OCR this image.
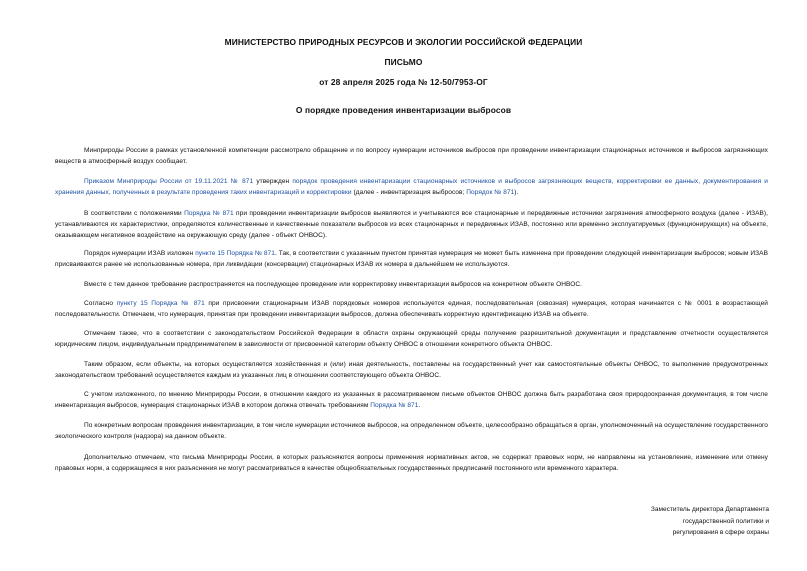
МИНИСТЕРСТВО ПРИРОДНЫХ РЕСУРСОВ И ЭКОЛОГИИ РОССИЙСКОЙ ФЕДЕРАЦИИ
ПИСЬМО
от 28 апреля 2025 года № 12-50/7953-ОГ
О порядке проведения инвентаризации выбросов

Минприроды России в рамках установленной компетенции рассмотрело обращение и по вопросу нумерации источников выбросов при проведении инвентаризации стационарных источников и выбросов загрязняющих веществ в атмосферный воздух сообщает.

Приказом Минприроды России от 19.11.2021 № 871 утвержден порядок проведения инвентаризации стационарных источников и выбросов загрязняющих веществ, корректировки ее данных, документирования и хранения данных, полученных в результате проведения таких инвентаризаций и корректировки (далее - инвентаризация выбросов; Порядок № 871).

В соответствии с положениями Порядка № 871 при проведении инвентаризации выбросов выявляются и учитываются все стационарные и передвижные источники загрязнения атмосферного воздуха (далее - ИЗАВ), устанавливаются их характеристики, определяются количественные и качественные показатели выбросов из всех стационарных и передвижных ИЗАВ, постоянно или временно эксплуатируемых (функционирующих) на объекте, оказывающем негативное воздействие на окружающую среду (далее - объект ОНВОС).

Порядок нумерации ИЗАВ изложен пункте 15 Порядка № 871. Так, в соответствии с указанным пунктом принятая нумерация не может быть изменена при проведении следующей инвентаризации выбросов; новым ИЗАВ присваиваются ранее не использованные номера, при ликвидации (консервации) стационарных ИЗАВ их номера в дальнейшем не используются.

Вместе с тем данное требование распространяется на последующее проведение или корректировку инвентаризации выбросов на конкретном объекте ОНВОС.

Согласно пункту 15 Порядка № 871 при присвоении стационарным ИЗАВ порядковых номеров используется единая, последовательная (сквозная) нумерация, которая начинается с № 0001 в возрастающей последовательности. Отмечаем, что нумерация, принятая при проведении инвентаризации выбросов, должна обеспечивать корректную идентификацию ИЗАВ на объекте.

Отмечаем также, что в соответствии с законодательством Российской Федерации в области охраны окружающей среды получение разрешительной документации и представление отчетности осуществляется юридическим лицом, индивидуальным предпринимателем в зависимости от присвоенной категории объекту ОНВОС в отношении конкретного объекта ОНВОС.

Таким образом, если объекты, на которых осуществляется хозяйственная и (или) иная деятельность, поставлены на государственный учет как самостоятельные объекты ОНВОС, то выполнение предусмотренных законодательством требований осуществляется каждым из указанных лиц в отношении соответствующего объекта ОНВОС.

С учетом изложенного, по мнению Минприроды России, в отношении каждого из указанных в рассматриваемом письме объектов ОНВОС должна быть разработана своя природоохранная документация, в том числе инвентаризация выбросов, нумерация стационарных ИЗАВ в котором должна отвечать требованиям Порядка № 871.

По конкретным вопросам проведения инвентаризации, в том числе нумерации источников выбросов, на определенном объекте, целесообразно обращаться в орган, уполномоченный на осуществление государственного экологического контроля (надзора) на данном объекте.

Дополнительно отмечаем, что письма Минприроды России, в которых разъясняются вопросы применения нормативных актов, не содержат правовых норм, не направлены на установление, изменение или отмену правовых норм, а содержащиеся в них разъяснения не могут рассматриваться в качестве общеобязательных государственных предписаний постоянного или временного характера.

Заместитель директора Департамента
государственной политики и
регулирования в сфере охраны
